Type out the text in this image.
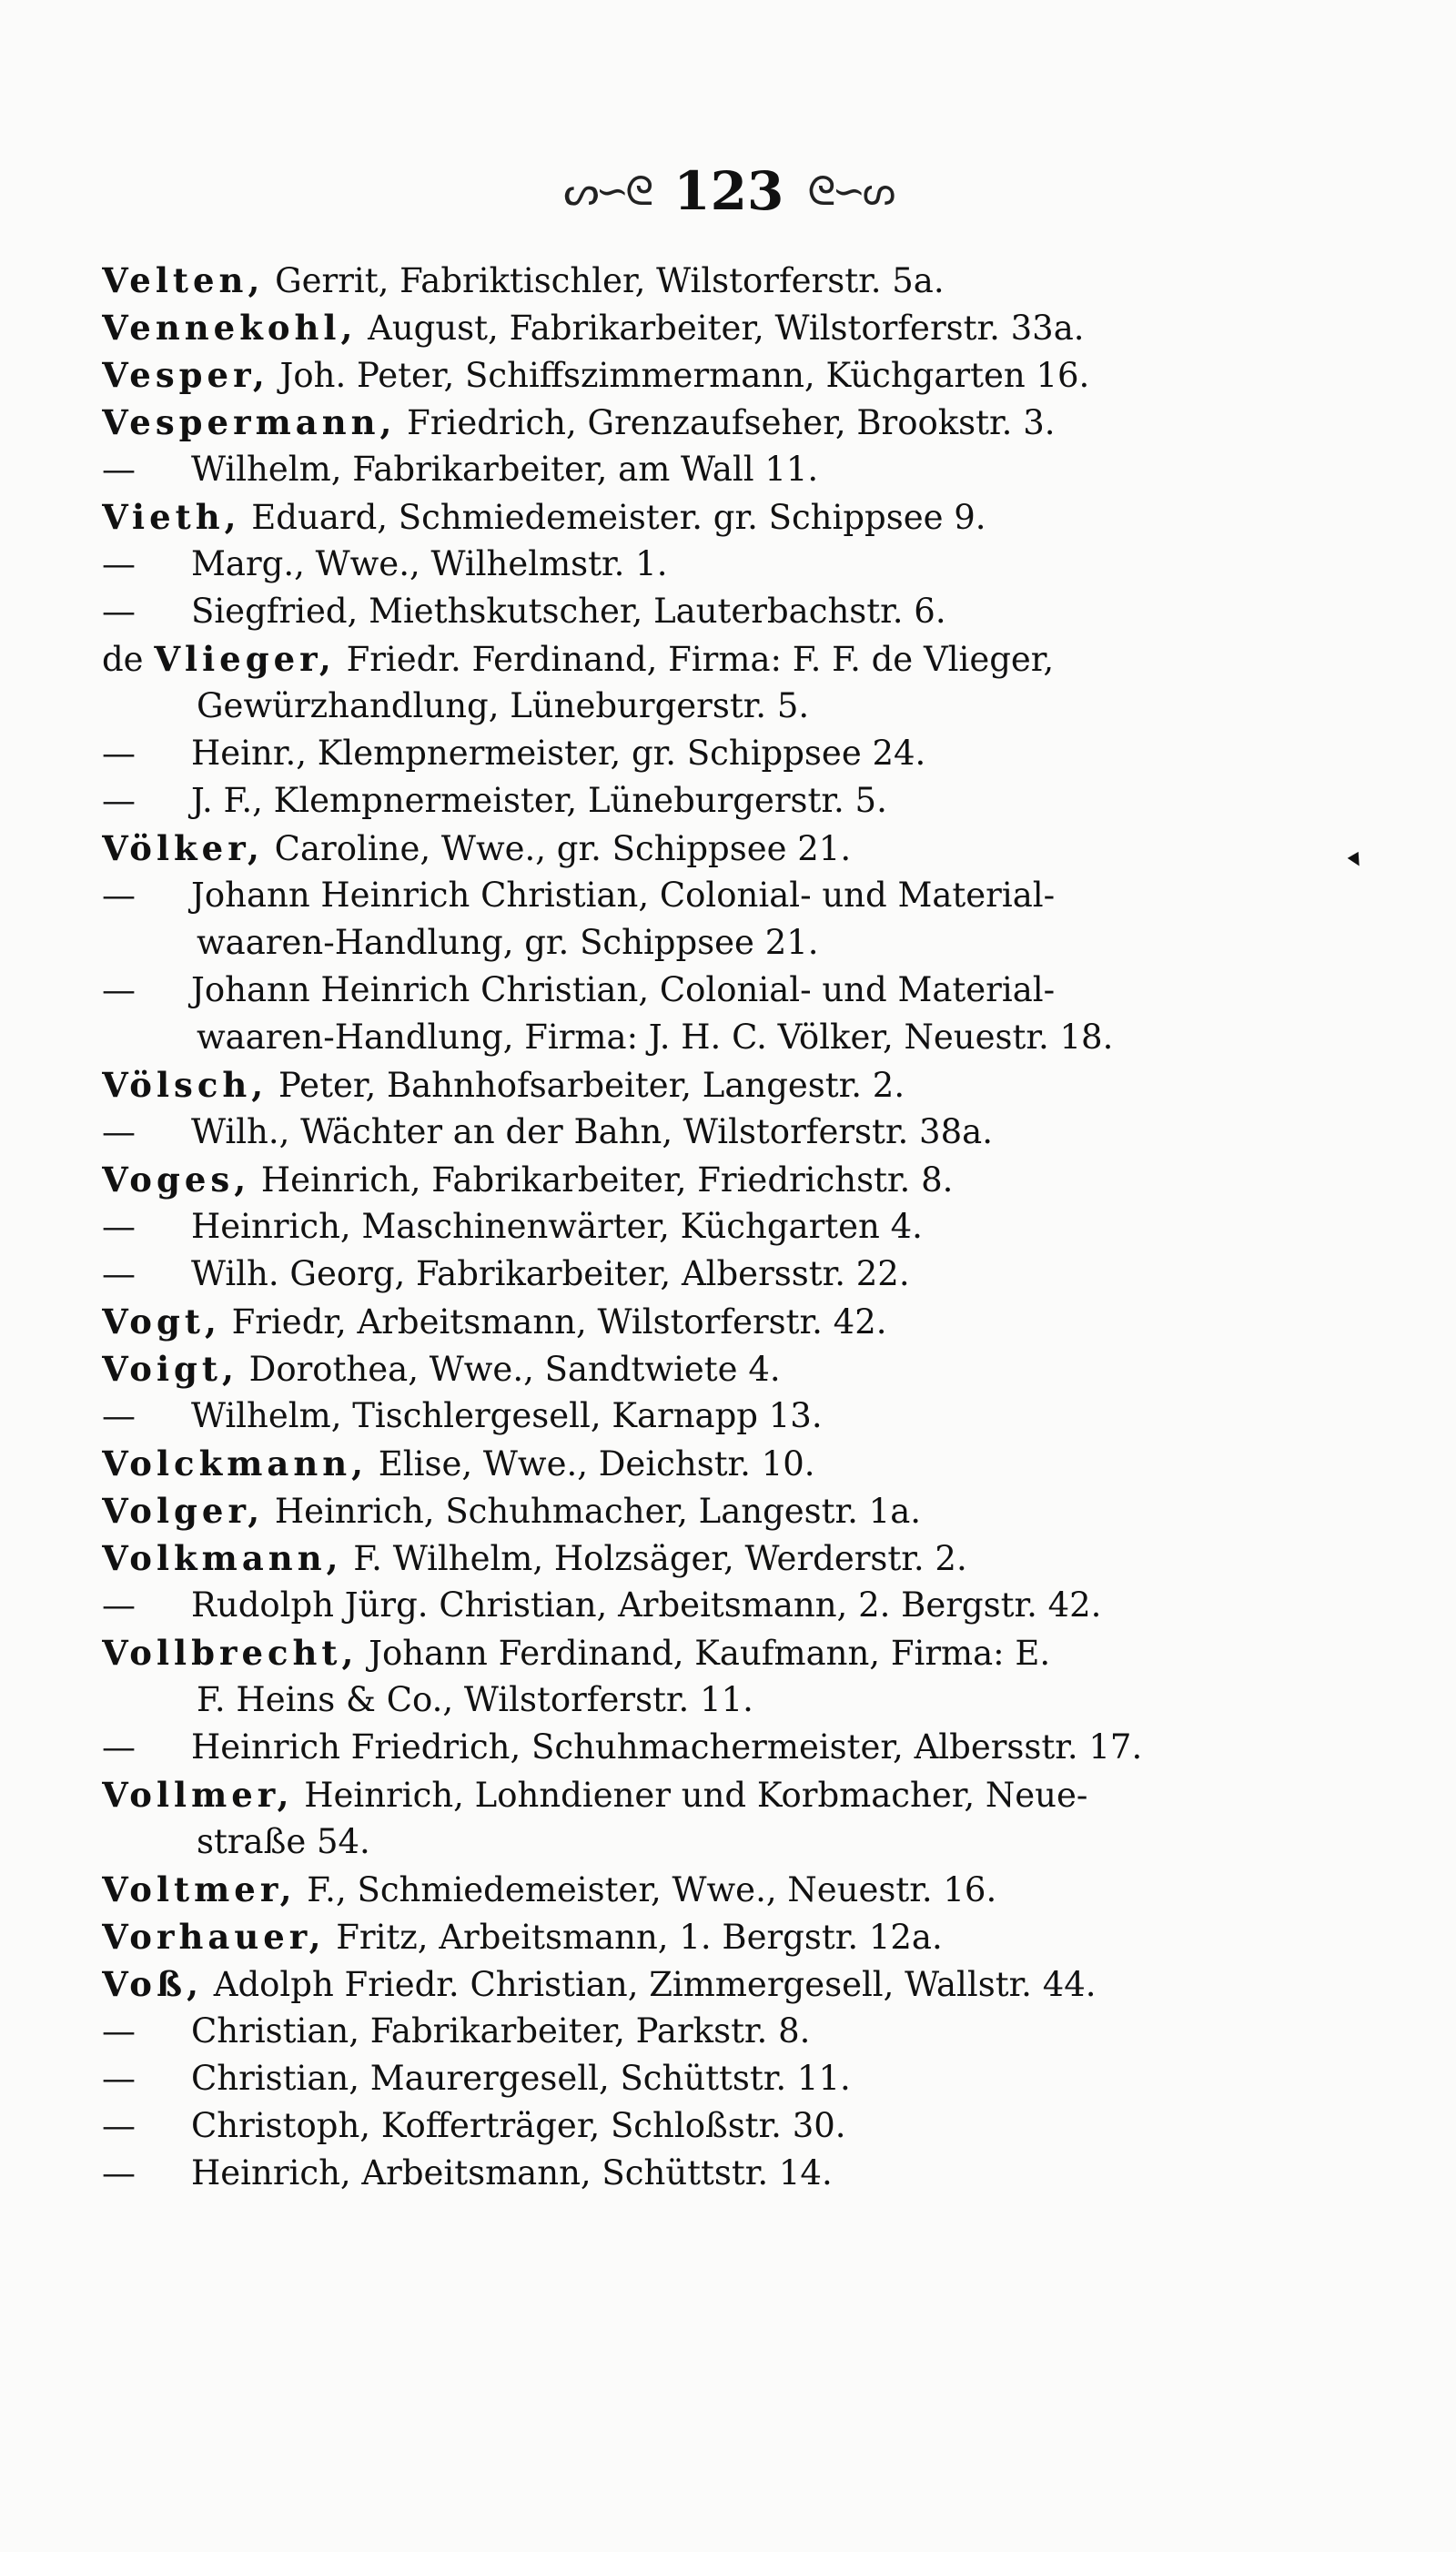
ᔕ∽ᘓ 123 ᘓ∽ᔕ
Velten, Gerrit, Fabriktischler, Wilstorferstr. 5a.
Vennekohl, August, Fabrikarbeiter, Wilstorferstr. 33a.
Vesper, Joh. Peter, Schiffszimmermann, Küchgarten 16.
Vespermann, Friedrich, Grenzaufseher, Brookstr. 3.
— Wilhelm, Fabrikarbeiter, am Wall 11.
Vieth, Eduard, Schmiedemeister. gr. Schippsee 9.
— Marg., Wwe., Wilhelmstr. 1.
— Siegfried, Miethskutscher, Lauterbachstr. 6.
de Vlieger, Friedr. Ferdinand, Firma: F. F. de Vlieger,
Gewürzhandlung, Lüneburgerstr. 5.
— Heinr., Klempnermeister, gr. Schippsee 24.
— J. F., Klempnermeister, Lüneburgerstr. 5.
Völker, Caroline, Wwe., gr. Schippsee 21.
— Johann Heinrich Christian, Colonial- und Material-
waaren-Handlung, gr. Schippsee 21.
— Johann Heinrich Christian, Colonial- und Material-
waaren-Handlung, Firma: J. H. C. Völker, Neuestr. 18.
Völsch, Peter, Bahnhofsarbeiter, Langestr. 2.
— Wilh., Wächter an der Bahn, Wilstorferstr. 38a.
Voges, Heinrich, Fabrikarbeiter, Friedrichstr. 8.
— Heinrich, Maschinenwärter, Küchgarten 4.
— Wilh. Georg, Fabrikarbeiter, Albersstr. 22.
Vogt, Friedr, Arbeitsmann, Wilstorferstr. 42.
Voigt, Dorothea, Wwe., Sandtwiete 4.
— Wilhelm, Tischlergesell, Karnapp 13.
Volckmann, Elise, Wwe., Deichstr. 10.
Volger, Heinrich, Schuhmacher, Langestr. 1a.
Volkmann, F. Wilhelm, Holzsäger, Werderstr. 2.
— Rudolph Jürg. Christian, Arbeitsmann, 2. Bergstr. 42.
Vollbrecht, Johann Ferdinand, Kaufmann, Firma: E.
F. Heins & Co., Wilstorferstr. 11.
— Heinrich Friedrich, Schuhmachermeister, Albersstr. 17.
Vollmer, Heinrich, Lohndiener und Korbmacher, Neue-
straße 54.
Voltmer, F., Schmiedemeister, Wwe., Neuestr. 16.
Vorhauer, Fritz, Arbeitsmann, 1. Bergstr. 12a.
Voß, Adolph Friedr. Christian, Zimmergesell, Wallstr. 44.
— Christian, Fabrikarbeiter, Parkstr. 8.
— Christian, Maurergesell, Schüttstr. 11.
— Christoph, Kofferträger, Schloßstr. 30.
— Heinrich, Arbeitsmann, Schüttstr. 14.
▾
